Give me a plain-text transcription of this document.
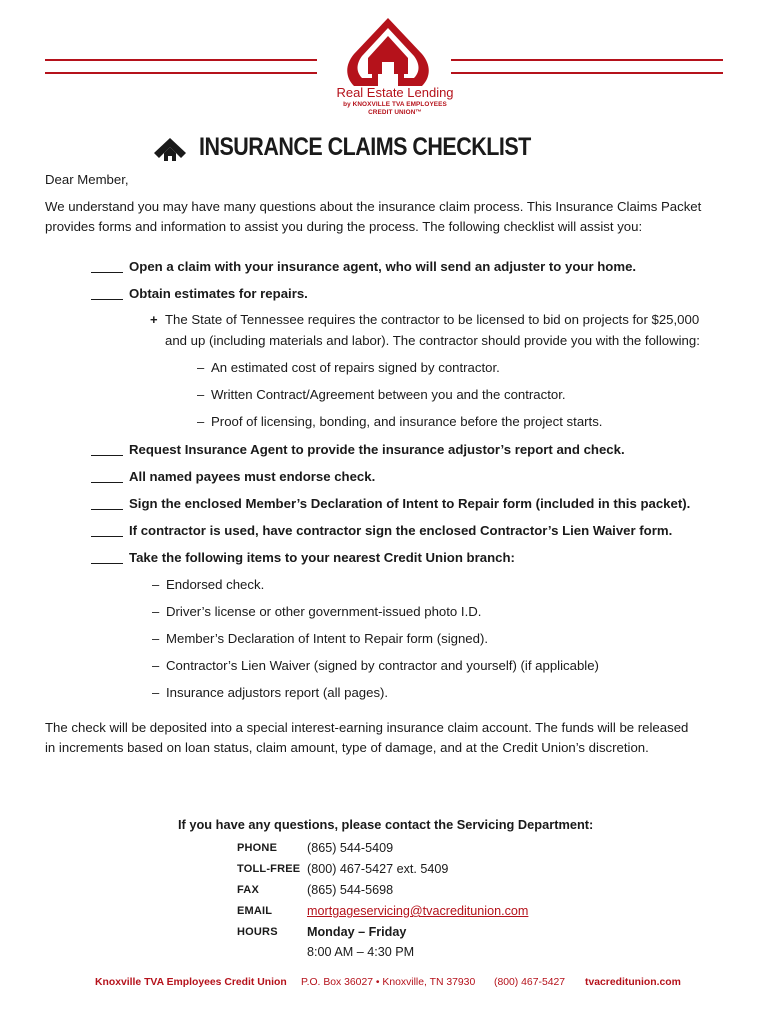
Real Estate Lending
by KNOXVILLE TVA EMPLOYEES
CREDIT UNION™
INSURANCE CLAIMS CHECKLIST
Dear Member,
We understand you may have many questions about the insurance claim process. This Insurance Claims Packet
provides forms and information to assist you during the process. The following checklist will assist you:
Open a claim with your insurance agent, who will send an adjuster to your home.
Obtain estimates for repairs.
+ The State of Tennessee requires the contractor to be licensed to bid on projects for $25,000
and up (including materials and labor). The contractor should provide you with the following:
– An estimated cost of repairs signed by contractor.
– Written Contract/Agreement between you and the contractor.
– Proof of licensing, bonding, and insurance before the project starts.
Request Insurance Agent to provide the insurance adjustor’s report and check.
All named payees must endorse check.
Sign the enclosed Member’s Declaration of Intent to Repair form (included in this packet).
If contractor is used, have contractor sign the enclosed Contractor’s Lien Waiver form.
Take the following items to your nearest Credit Union branch:
– Endorsed check.
– Driver’s license or other government-issued photo I.D.
– Member’s Declaration of Intent to Repair form (signed).
– Contractor’s Lien Waiver (signed by contractor and yourself) (if applicable)
– Insurance adjustors report (all pages).
The check will be deposited into a special interest-earning insurance claim account. The funds will be released
in increments based on loan status, claim amount, type of damage, and at the Credit Union’s discretion.
If you have any questions, please contact the Servicing Department:
PHONE (865) 544-5409
TOLL-FREE (800) 467-5427 ext. 5409
FAX	(865) 544-5698
EMAIL	mortgageservicing@tvacreditunion.com
HOURS Monday – Friday
8:00 AM – 4:30 PM
Knoxville TVA Employees Credit Union P.O. Box 36027 • Knoxville, TN 37930 (800) 467-5427 tvacreditunion.com
